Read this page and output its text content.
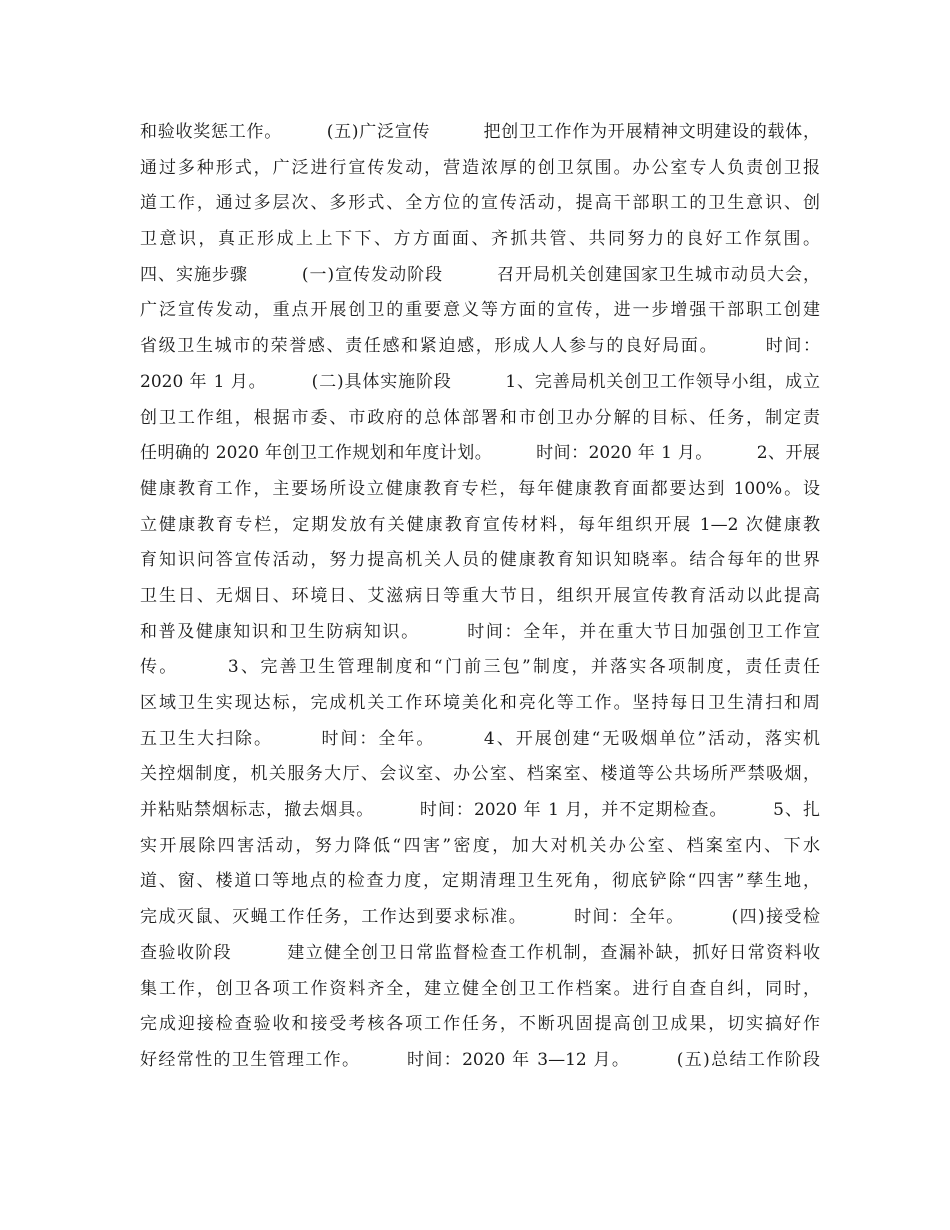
和验收奖惩工作。　　　(五)广泛宣传　　　把创卫工作作为开展精神文明建设的载体，
通过多种形式，广泛进行宣传发动，营造浓厚的创卫氛围。办公室专人负责创卫报
道工作，通过多层次、多形式、全方位的宣传活动，提高干部职工的卫生意识、创
卫意识，真正形成上上下下、方方面面、齐抓共管、共同努力的良好工作氛围。
四、实施步骤　　　(一)宣传发动阶段　　　召开局机关创建国家卫生城市动员大会，
广泛宣传发动，重点开展创卫的重要意义等方面的宣传，进一步增强干部职工创建
省级卫生城市的荣誉感、责任感和紧迫感，形成人人参与的良好局面。　　　时间：
2020 年 1 月。　　　(二)具体实施阶段　　　1、完善局机关创卫工作领导小组，成立
创卫工作组，根据市委、市政府的总体部署和市创卫办分解的目标、任务，制定责
任明确的 2020 年创卫工作规划和年度计划。　　　时间：2020 年 1 月。　　　2、开展
健康教育工作，主要场所设立健康教育专栏，每年健康教育面都要达到 100%。设
立健康教育专栏，定期发放有关健康教育宣传材料，每年组织开展 1—2 次健康教
育知识问答宣传活动，努力提高机关人员的健康教育知识知晓率。结合每年的世界
卫生日、无烟日、环境日、艾滋病日等重大节日，组织开展宣传教育活动以此提高
和普及健康知识和卫生防病知识。　　　时间：全年，并在重大节日加强创卫工作宣
传。　　　3、完善卫生管理制度和“门前三包”制度，并落实各项制度，责任责任
区域卫生实现达标，完成机关工作环境美化和亮化等工作。坚持每日卫生清扫和周
五卫生大扫除。　　　时间：全年。　　　4、开展创建“无吸烟单位”活动，落实机
关控烟制度，机关服务大厅、会议室、办公室、档案室、楼道等公共场所严禁吸烟，
并粘贴禁烟标志，撤去烟具。　　　时间：2020 年 1 月，并不定期检查。　　　5、扎
实开展除四害活动，努力降低“四害”密度，加大对机关办公室、档案室内、下水
道、窗、楼道口等地点的检查力度，定期清理卫生死角，彻底铲除“四害”孳生地，
完成灭鼠、灭蝇工作任务，工作达到要求标准。　　　时间：全年。　　　(四)接受检
查验收阶段　　　建立健全创卫日常监督检查工作机制，查漏补缺，抓好日常资料收
集工作，创卫各项工作资料齐全，建立健全创卫工作档案。进行自查自纠，同时，
完成迎接检查验收和接受考核各项工作任务，不断巩固提高创卫成果，切实搞好作
好经常性的卫生管理工作。　　　时间：2020 年 3—12 月。　　　(五)总结工作阶段
